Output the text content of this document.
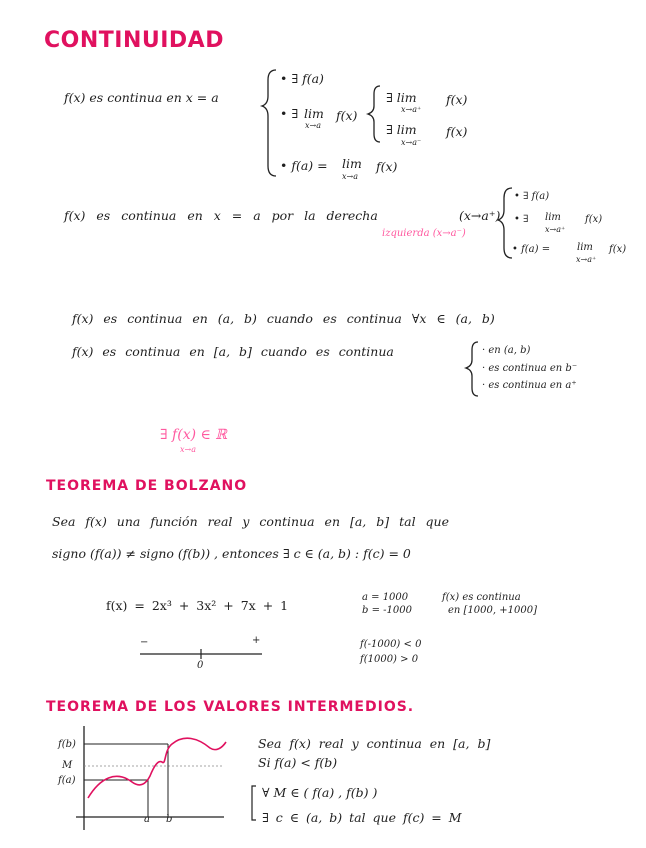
CONTINUIDAD
f(x) es continua en x = a
• ∃ f(a)
• ∃ lim
x→a
f(x)
∃ lim
x→a⁺
f(x)
∃ lim
x→a⁻
f(x)
• f(a) = lim
x→a
f(x)
f(x) es continua en x = a por la derecha	(x→a⁺)
izquierda (x→a⁻)
• ∃ f(a)
• ∃ lim
x→a⁺
f(x)
• f(a) =	lim
x→a⁺
f(x)
f(x) es continua en (a, b) cuando es continua ∀x ∈ (a, b)
f(x) es continua en [a, b] cuando es continua	· en (a, b)
· es continua en b⁻
· es continua en a⁺
∃ f(x) ∈ ℝ
x→a
TEOREMA DE BOLZANO
Sea f(x) una función real y continua en [a, b] tal que
signo (f(a)) ≠ signo (f(b)) , entonces ∃ c ∈ (a, b) : f(c) = 0
f(x) = 2x³ + 3x² + 7x + 1
a = 1000
b = -1000
f(x) es continua
en [1000, +1000]
−	+
0
f(-1000) < 0
f(1000) > 0
TEOREMA DE LOS VALORES INTERMEDIOS.
f(b)
M
f(a)
a b
Sea f(x) real y continua en [a, b]
Si f(a) < f(b)
∀ M ∈ ( f(a) , f(b) )
∃ c ∈ (a, b) tal que f(c) = M
